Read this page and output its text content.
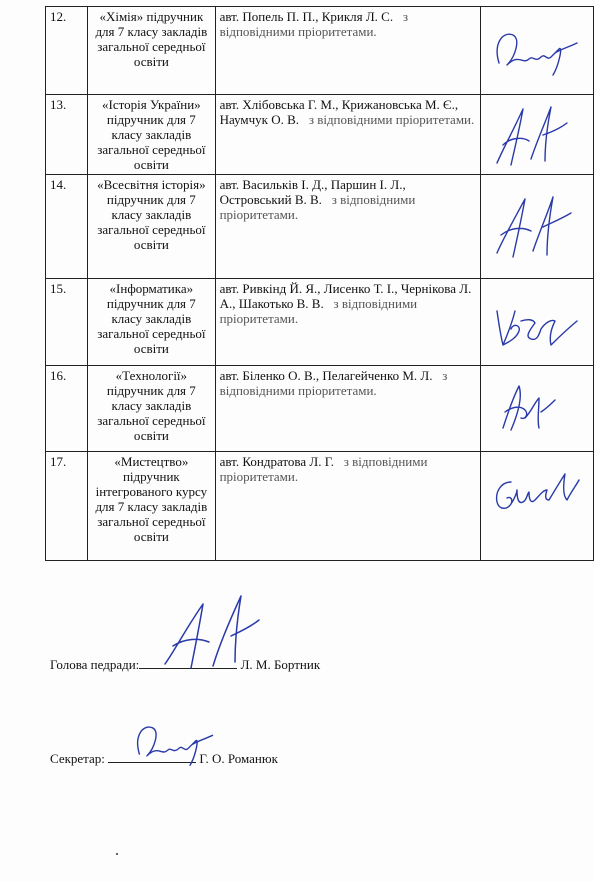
12.	«Хімія» підручник для 7 класу закладів загальної середньої освіти	авт. Попель П. П., Крикля Л. С. з відповідними пріоритетами.	

13.	«Історія України» підручник для 7 класу закладів загальної середньої освіти	авт. Хлібовська Г. М., Крижановська М. Є., Наумчук О. В. з відповідними пріоритетами.	

14.	«Всесвітня історія» підручник для 7 класу закладів загальної середньої освіти	авт. Васильків І. Д., Паршин І. Л., Островський В. В. з відповідними пріоритетами.	

15.	«Інформатика» підручник для 7 класу закладів загальної середньої освіти	авт. Ривкінд Й. Я., Лисенко Т. І., Чернікова Л. А., Шакотько В. В. з відповідними пріоритетами.	

16.	«Технології» підручник для 7 класу закладів загальної середньої освіти	авт. Біленко О. В., Пелагейченко М. Л. з відповідними пріоритетами.	

17.	«Мистецтво» підручник інтегрованого курсу для 7 класу закладів загальної середньої освіти	авт. Кондратова Л. Г. з відповідними пріоритетами.	
Голова педради:	Л. М. Бортник
Секретар:	Г. О. Романюк
